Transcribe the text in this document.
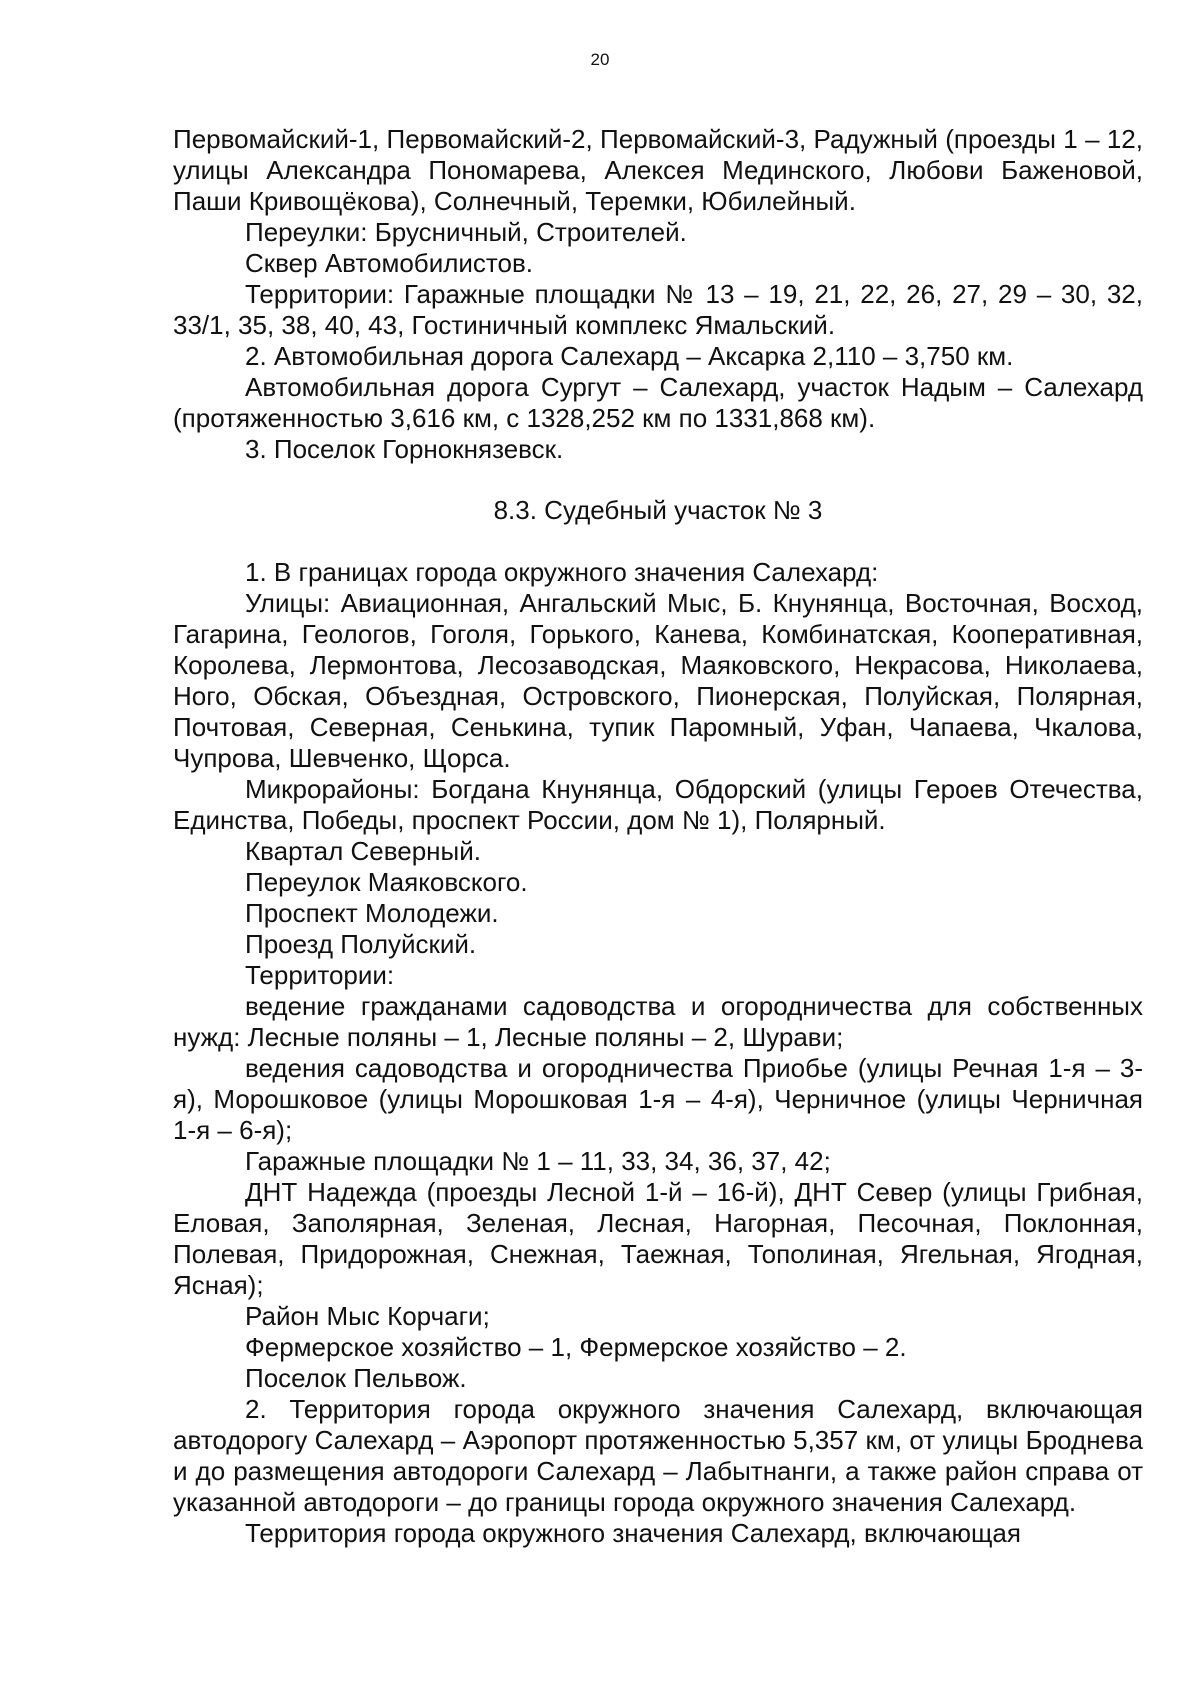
20

Первомайский-1, Первомайский-2, Первомайский-3, Радужный (проезды 1 – 12, улицы Александра Пономарева, Алексея Мединского, Любови Баженовой, Паши Кривощёкова), Солнечный, Теремки, Юбилейный.

Переулки: Брусничный, Строителей.

Сквер Автомобилистов.

Территории: Гаражные площадки № 13 – 19, 21, 22, 26, 27, 29 – 30, 32, 33/1, 35, 38, 40, 43, Гостиничный комплекс Ямальский.

2. Автомобильная дорога Салехард – Аксарка 2,110 – 3,750 км.

Автомобильная дорога Сургут – Салехард, участок Надым – Салехард (протяженностью 3,616 км, с 1328,252 км по 1331,868 км).

3. Поселок Горнокнязевск.

8.3. Судебный участок № 3

1. В границах города окружного значения Салехард:

Улицы: Авиационная, Ангальский Мыс, Б. Кнунянца, Восточная, Восход, Гагарина, Геологов, Гоголя, Горького, Канева, Комбинатская, Кооперативная, Королева, Лермонтова, Лесозаводская, Маяковского, Некрасова, Николаева, Ного, Обская, Объездная, Островского, Пионерская, Полуйская, Полярная, Почтовая, Северная, Сенькина, тупик Паромный, Уфан, Чапаева, Чкалова, Чупрова, Шевченко, Щорса.

Микрорайоны: Богдана Кнунянца, Обдорский (улицы Героев Отечества, Единства, Победы, проспект России, дом № 1), Полярный.

Квартал Северный.

Переулок Маяковского.

Проспект Молодежи.

Проезд Полуйский.

Территории:

ведение гражданами садоводства и огородничества для собственных нужд: Лесные поляны – 1, Лесные поляны – 2, Шурави;

ведения садоводства и огородничества Приобье (улицы Речная 1-я – 3-я), Морошковое (улицы Морошковая 1-я – 4-я), Черничное (улицы Черничная 1-я – 6-я);

Гаражные площадки № 1 – 11, 33, 34, 36, 37, 42;

ДНТ Надежда (проезды Лесной 1-й – 16-й), ДНТ Север (улицы Грибная, Еловая, Заполярная, Зеленая, Лесная, Нагорная, Песочная, Поклонная, Полевая, Придорожная, Снежная, Таежная, Тополиная, Ягельная, Ягодная, Ясная);

Район Мыс Корчаги;

Фермерское хозяйство – 1, Фермерское хозяйство – 2.

Поселок Пельвож.

2. Территория города окружного значения Салехард, включающая автодорогу Салехард – Аэропорт протяженностью 5,357 км, от улицы Броднева и до размещения автодороги Салехард – Лабытнанги, а также район справа от указанной автодороги – до границы города окружного значения Салехард.

Территория города окружного значения Салехард, включающая
